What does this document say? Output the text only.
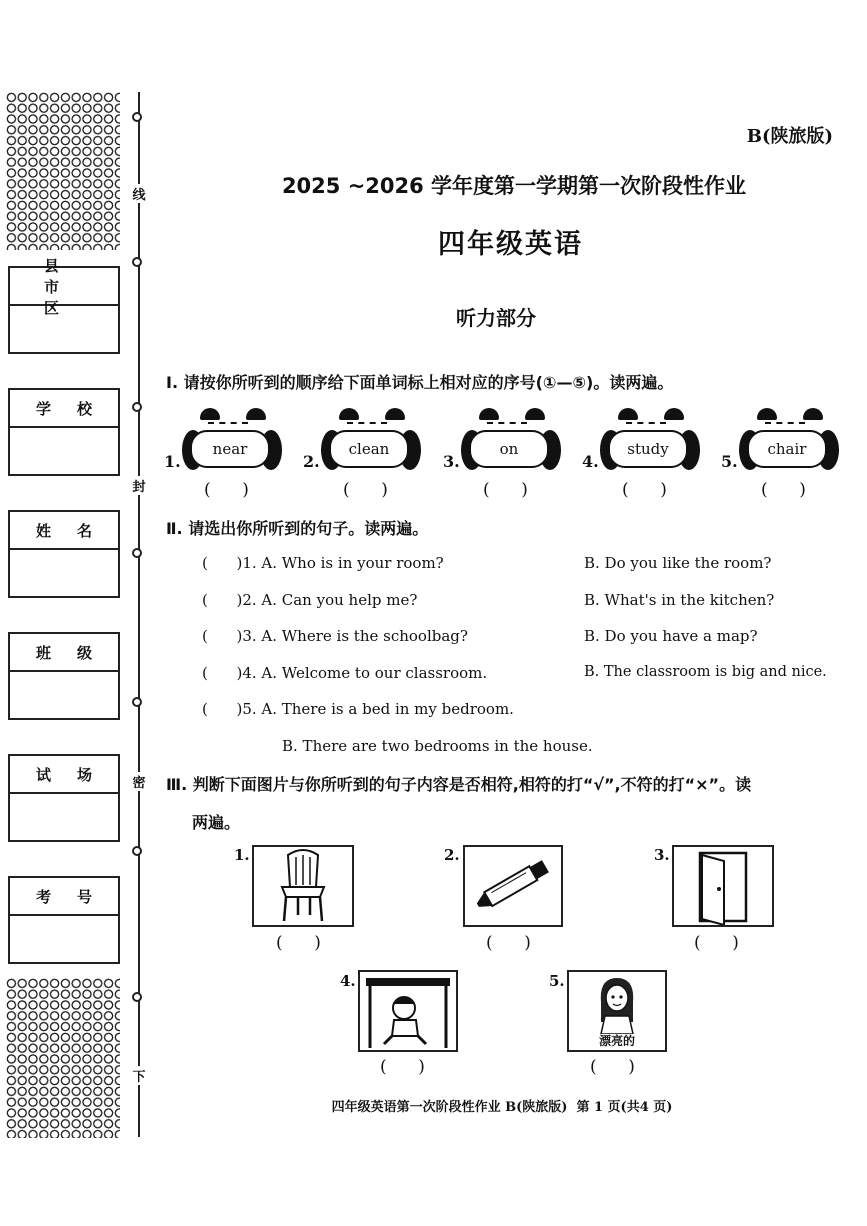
县 市 区
学 校
姓 名
班 级
试 场
考 号
线
封
密
下
B(陕旅版)
2025 ~2026 学年度第一学期第一次阶段性作业
四年级英语
听力部分
Ⅰ. 请按你所听到的顺序给下面单词标上相对应的序号(①—⑤)。读两遍。
1.
near
(    )
2.
clean
(    )
3.
on
(    )
4.
study
(    )
5.
chair
(    )
Ⅱ. 请选出你所听到的句子。读两遍。
(      )1. A. Who is in your room?	B. Do you like the room?
(      )2. A. Can you help me?	B. What's in the kitchen?
(      )3. A. Where is the schoolbag?	B. Do you have a map?
(      )4. A. Welcome to our classroom.	B. The classroom is big and nice.
(      )5. A. There is a bed in my bedroom.
B. There are two bedrooms in the house.
Ⅲ. 判断下面图片与你所听到的句子内容是否相符,相符的打“√”,不符的打“×”。读
两遍。
1.
(    )
2.
(    )
3.
(    )
4.
(    )
5.
漂亮的
(    )
四年级英语第一次阶段性作业 B(陕旅版)  第 1 页(共4 页)
